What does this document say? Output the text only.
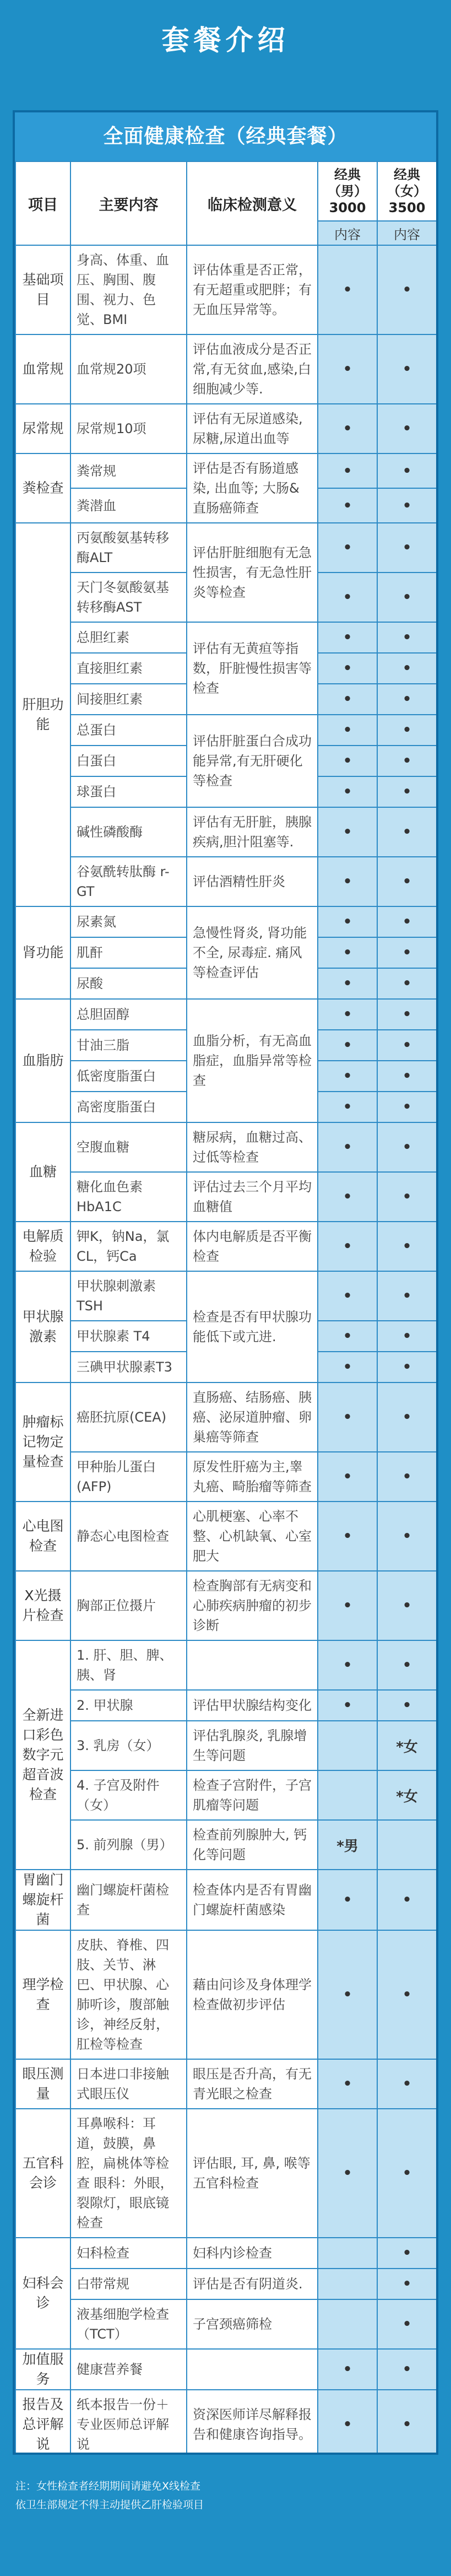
套餐介绍
全面健康检查（经典套餐）
项目	主要内容	临床检测意义	经典（男）3000	经典（女）3500
			内容	内容
基础项目	身高、体重、血压、胸围、腹围、视力、色觉、BMI	评估体重是否正常，有无超重或肥胖；有无血压异常等。	•	•
血常规	血常规20项	评估血液成分是否正常,有无贫血,感染,白细胞减少等.	•	•
尿常规	尿常规10项	评估有无尿道感染,尿糖,尿道出血等	•	•
粪检查	粪常规	评估是否有肠道感染, 出血等; 大肠&直肠癌筛查	•	•
	粪潜血		•	•
肝胆功能	丙氨酸氨基转移酶ALT	评估肝脏细胞有无急性损害，有无急性肝炎等检查	•	•
	天门冬氨酸氨基转移酶AST		•	•
	总胆红素	评估有无黄疸等指数，肝脏慢性损害等检查	•	•
	直接胆红素		•	•
	间接胆红素		•	•
	总蛋白	评估肝脏蛋白合成功能异常,有无肝硬化等检查	•	•
	白蛋白		•	•
	球蛋白		•	•
	碱性磷酸酶	评估有无肝脏，胰腺疾病,胆汁阻塞等.	•	•
	谷氨酰转肽酶 r-GT	评估酒精性肝炎	•	•
肾功能	尿素氮	急慢性肾炎, 肾功能不全, 尿毒症. 痛风等检查评估	•	•
	肌酐		•	•
	尿酸		•	•
血脂肪	总胆固醇	血脂分析，有无高血脂症，血脂异常等检查	•	•
	甘油三脂		•	•
	低密度脂蛋白		•	•
	高密度脂蛋白		•	•
血糖	空腹血糖	糖尿病，血糖过高、过低等检查	•	•
	糖化血色素HbA1C	评估过去三个月平均血糖值	•	•
电解质检验	钾K，钠Na，氯CL，钙Ca	体内电解质是否平衡检查	•	•
甲状腺激素	甲状腺刺激素TSH	检查是否有甲状腺功能低下或亢进.	•	•
	甲状腺素 T4		•	•
	三碘甲状腺素T3		•	•
肿瘤标记物定量检查	癌胚抗原(CEA)	直肠癌、结肠癌、胰癌、泌尿道肿瘤、卵巢癌等筛查	•	•
	甲种胎儿蛋白(AFP)	原发性肝癌为主,睾丸癌、畸胎瘤等筛查	•	•
心电图检查	静态心电图检查	心肌梗塞、心率不整、心机缺氧、心室肥大	•	•
X光摄片检查	胸部正位摄片	检查胸部有无病变和心肺疾病肿瘤的初步诊断	•	•
全新进口彩色数字元超音波检查	1. 肝、胆、脾、胰、肾		•	•
	2. 甲状腺	评估甲状腺结构变化	•	•
	3. 乳房（女）	评估乳腺炎, 乳腺增生等问题		*女
	4. 子宫及附件（女）	检查子宫附件，子宫肌瘤等问题		*女
	5. 前列腺（男）	检查前列腺肿大, 钙化等问题	*男	
胃幽门螺旋杆菌	幽门螺旋杆菌检查	检查体内是否有胃幽门螺旋杆菌感染	•	•
理学检查	皮肤、脊椎、四肢、关节、淋巴、甲状腺、心肺听诊，腹部触诊，神经反射，肛检等检查	藉由问诊及身体理学检查做初步评估	•	•
眼压测量	日本进口非接触式眼压仪	眼压是否升高，有无青光眼之检查	•	•
五官科会诊	耳鼻喉科：耳道，鼓膜，鼻腔，扁桃体等检查 眼科：外眼，裂隙灯，眼底镜检查	评估眼, 耳, 鼻, 喉等五官科检查	•	•
妇科会诊	妇科检查	妇科内诊检查		•
	白带常规	评估是否有阴道炎.		•
	液基细胞学检查（TCT）	子宫颈癌筛检		•
加值服务	健康营养餐		•	•
报告及总评解说	纸本报告一份＋专业医师总评解说	资深医师详尽解释报告和健康咨询指导。	•	•
注：女性检查者经期期间请避免X线检查
依卫生部规定不得主动提供乙肝检验项目
